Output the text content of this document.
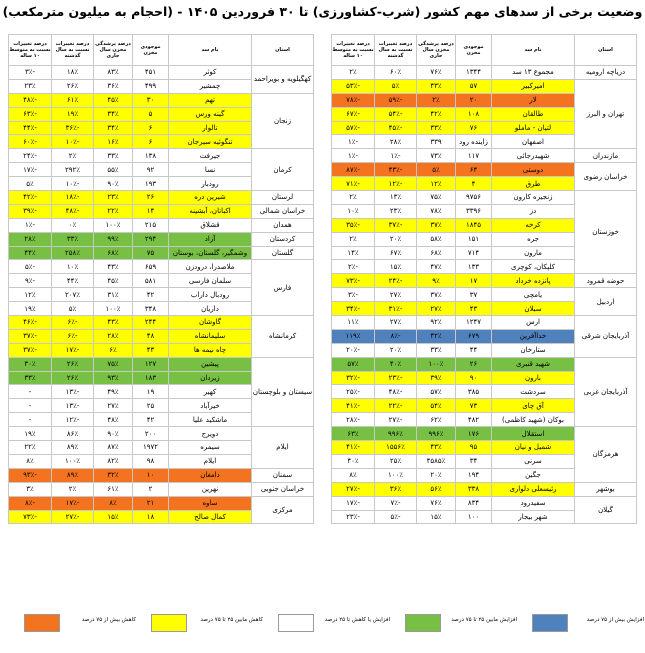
وضعیت برخی از سدهای مهم کشور (شرب-کشاورزی) تا ۳۰ فروردین ۱۴۰۵ - (احجام به میلیون مترمکعب)
استان	نام سد	موجودی مخزن	درصد پرشدگی مخزن سال جاری	درصد تغییرات نسبت به سال گذشته	درصد تغییرات نسبت به متوسط ۱۰ ساله	
دریاچه ارومیه	مجموع ۱۳ سد	۱۳۴۴	۷۶٪	۶۰٪	۲٪	
تهران و البرز	امیرکبیر	۵۷	۴۳٪	۵٪	-۵۳٪	
	لار	۲۰	۲٪	-۵۹٪	-۷۸٪	
	طالقان	۱۰۸	۴۲٪	-۵۴٪	-۶۷٪	
	لتیان - ماملو	۷۶	۳۳٪	-۴۵٪	-۵۷٪	
	اصفهان	زاینده رود	۳۳۹	۲۸٪	-۱٪	
مازندران	شهیدرجائی	۱۱۷	۷۳٪	-۱٪	-۱٪	
خراسان رضوی	دوستی	۶۴	۵٪	-۴۳٪	-۸۷٪	
	طرق	۴	۱۲٪	-۱۲٪	-۷۱٪	
خوزستان	زنجیره کارون	۹۷۵۶	۷۵٪	۱۳٪	۲٪	
	دز	۳۳۹۶	۷۸٪	۲۳٪	۱۰٪	
	کرخه	۱۸۴۵	۳۷٪	-۳۷٪	-۳۵٪	
	جره	۱۵۱	۵۸٪	۲۰٪	۲٪	
	مارون	۷۱۴	۶۸٪	۶۷٪	۱۴٪	
	کلپکان، کوچری	۱۳۳	۴۷٪	۱۵٪	-۲٪	
حوضه قمرود	پانزده خرداد	۱۷	۹٪	-۲۴٪	-۷۳٪	
اردبیل	یامچی	۳۷	۳۷٪	۲۷٪	-۳٪	
	سبلان	۴۳	۲۷٪	-۳۱٪	-۳۴٪	
آذربایجان شرقی	ارس	۱۲۴۷	۹۲٪	۲۷٪	۱۱٪	
	خداآفرین	۶۷۹	۴۲٪	-۸٪	۱۱۹٪	
	ستارخان	۴۴	۳۳٪	۲۰٪	-۲۰٪	
آذربایجان غربی	شهید قنبری	۲۶	۱۰۰٪	۴۰٪	۵۷٪	
	بارون	۹۰	۳۹٪	-۲۳٪	-۳۲٪	
	سردشت	۳۸۵	۵۷٪	-۴۸٪	-۲۵٪	
	آق چای	۷۳	۵۴٪	-۲۲٪	-۴۱٪	
	بوکان (شهید کاظمی)	۴۸۲	۶۲٪	-۲۷٪	-۲۸٪	
هرمزگان	استقلال	۱۷۶	۹۹۶٪	۹۹۶٪	۶۳٪	
	شمیل و نیان	۹۵	۴۳٪	۱۵۵۶٪	-۴۱٪	
	سرنی	۳۴	۴۵۸۵٪	۲۵٪	۴۰٪	
	جگین	۱۹۴	۲۰٪	۱۰۰٪	۸٪	
بوشهر	رئیسعلی دلواری	۳۳۸	۵۶٪	۳۶٪	-۲۷٪	
گیلان	سفیدرود	۸۳۴	۷۶٪	-۷٪	-۱۷٪	
	شهر بیجار	۱۰۰	۱۵٪	-۵٪	-۲۳٪	
استان	نام سد	موجودی مخزن	درصد پرشدگی مخزن سال جاری	درصد تغییرات نسبت به سال گذشته	درصد تغییرات نسبت به متوسط ۱۰ ساله
کهگیلویه و بویراحمد	کوثر	۴۵۱	۸۳٪	۱۸٪	-۳٪
	چمشیر	۴۹۹	۳۶٪	۲۶٪	۲۳٪
زنجان	تهم	۳۰	۴۵٪	۶۱٪	-۴۸٪
	گینه ورس	۵	۳۴٪	۱۹٪	-۶۳٪
	تالوار	۶	۳۴٪	-۳۶٪	-۴۴٪
	تنگوئیه سیرجان	۶	۱۶٪	-۱۰٪	-۶۰٪
کرمان	جیرفت	۱۳۸	۳۳٪	۲٪	-۲۴٪
	نسا	۹۲	۵۵٪	۲۹۲٪	-۱۷٪
	رودبار	۱۹۳	۹۰٪	-۱۰٪	۵٪
لرستان	شیرین دره	۲۶	۲۳٪	-۱۸٪	-۴۲٪
خراسان شمالی	اکباتان، آبشینه	۱۴	۲۲٪	-۴۸٪	-۳۹٪
همدان	قشلاق	۲۱۵	۱۰۰٪	۰٪	-۱٪
کردستان	آزاد	۲۹۴	۹۹٪	۳۳٪	۲۸٪
گلستان	وشمگیر، گلستان، بوستان	۷۵	۶۸٪	۲۵۸٪	۴۴٪
فارس	ملاصدرا، درودزن	۶۵۹	۴۳٪	۱۰٪	-۵٪
	سلمان فارسی	۵۸۱	۴۵٪	۴۴٪	-۹٪
	رودبال داراب	۴۲	۳۱٪	۲۰۷٪	۱۲٪
	داریان	۳۴۸	۱۰۰٪	۵٪	۱۹٪
کرمانشاه	گاوشان	۲۴۴	۴۳٪	-۶٪	-۴۶٪
	سلیمانشاه	۴۸	۲۸٪	-۶٪	-۳۷٪
	چاه نیمه ها	۴۳	۶٪	-۱۷٪	-۳۷٪
سیستان و بلوچستان	پیشین	۱۲۷	۷۵٪	۲۶٪	۳۰٪
	زیردان	۱۸۳	۹۳٪	۲۶٪	۳۳٪
	کهیر	۱۹	۴۹٪	-۱۳٪	-
	خیرآباد	۲۵	۲۷٪	-۱۳٪	-
	ماشکید علیا	۴۲	۴۸٪	-۱۲٪	-
ایلام	دویرج	۲۰۰	۹۰٪	۸۶٪	۱۹٪
	سیمره	۱۹۷۲	۸۷٪	۸۹٪	۲۲٪
	ایلام	۹۸	۸۲٪	۱۰۰٪	۸٪
سمنان	دامغان	۱۰	۳۲٪	۸۹٪	-۹۳٪
خراسان جنوبی	نهرین	۲	۶۱٪	۲٪	۳٪
مرکزی	ساوه	۲۱	۸٪	-۱۷٪	-۸٪
	کمال صالح	۱۸	۱۵٪	-۲۷٪	-۷۳٪
افزایش بیش از ۷۵ درصد
افزایش مابین ۲۵ تا ۷۵ درصد
افزایش یا کاهش تا ۲۵ درصد
کاهش مابین ۲۵ تا ۷۵ درصد
کاهش بیش از ۷۵ درصد
